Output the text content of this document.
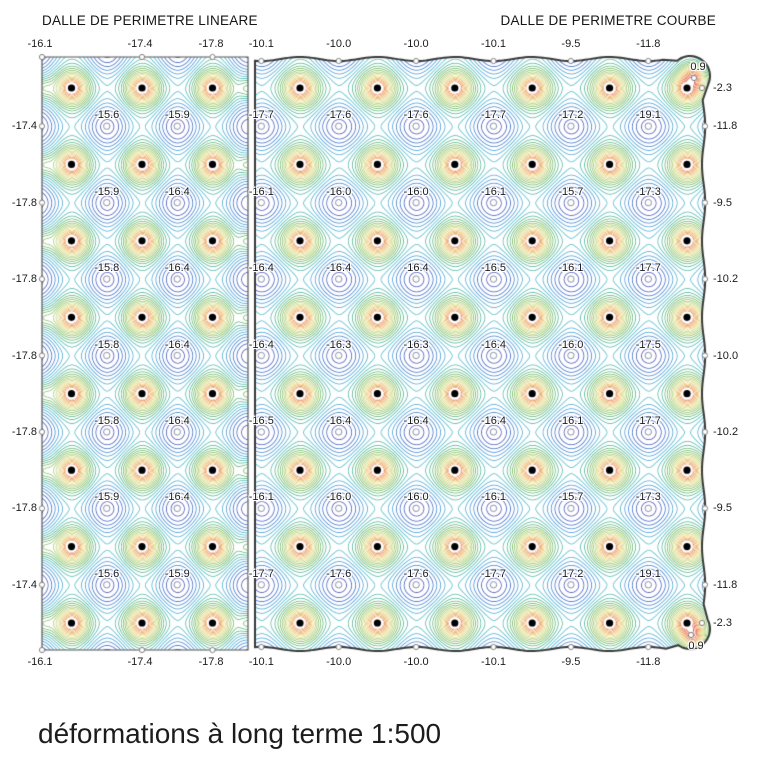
DALLE DE PERIMETRE LINEARE	DALLE DE PERIMETRE COURBE
-16.1
-16.1
-17.4
-17.4
-17.8
-17.8
-17.4
-17.8
-17.8
-17.8
-17.8
-17.8
-17.4
-15.6	-15.9
-15.9	-16.4
-15.8	-16.4
-15.8	-16.4
-15.8	-16.4
-15.9	-16.4
-15.6	-15.9
-10.1
-10.1
-10.0
-10.0
-10.0
-10.0
-10.1
-10.1
-9.5
-9.5
-11.8
-11.8
-2.3
-11.8
-9.5
-10.2
-10.0
-10.2
-9.5
-11.8
-2.3
-17.7	-17.6	-17.6	-17.7	-17.2	-19.1
-16.1	-16.0	-16.0	-16.1	-15.7	-17.3
-16.4	-16.4	-16.4	-16.5	-16.1	-17.7
-16.4	-16.3	-16.3	-16.4	-16.0	-17.5
-16.5	-16.4	-16.4	-16.4	-16.1	-17.7
-16.1	-16.0	-16.0	-16.1	-15.7	-17.3
-17.7	-17.6	-17.6	-17.7	-17.2	-19.1
0.9
0.9
déformations à long terme 1:500
